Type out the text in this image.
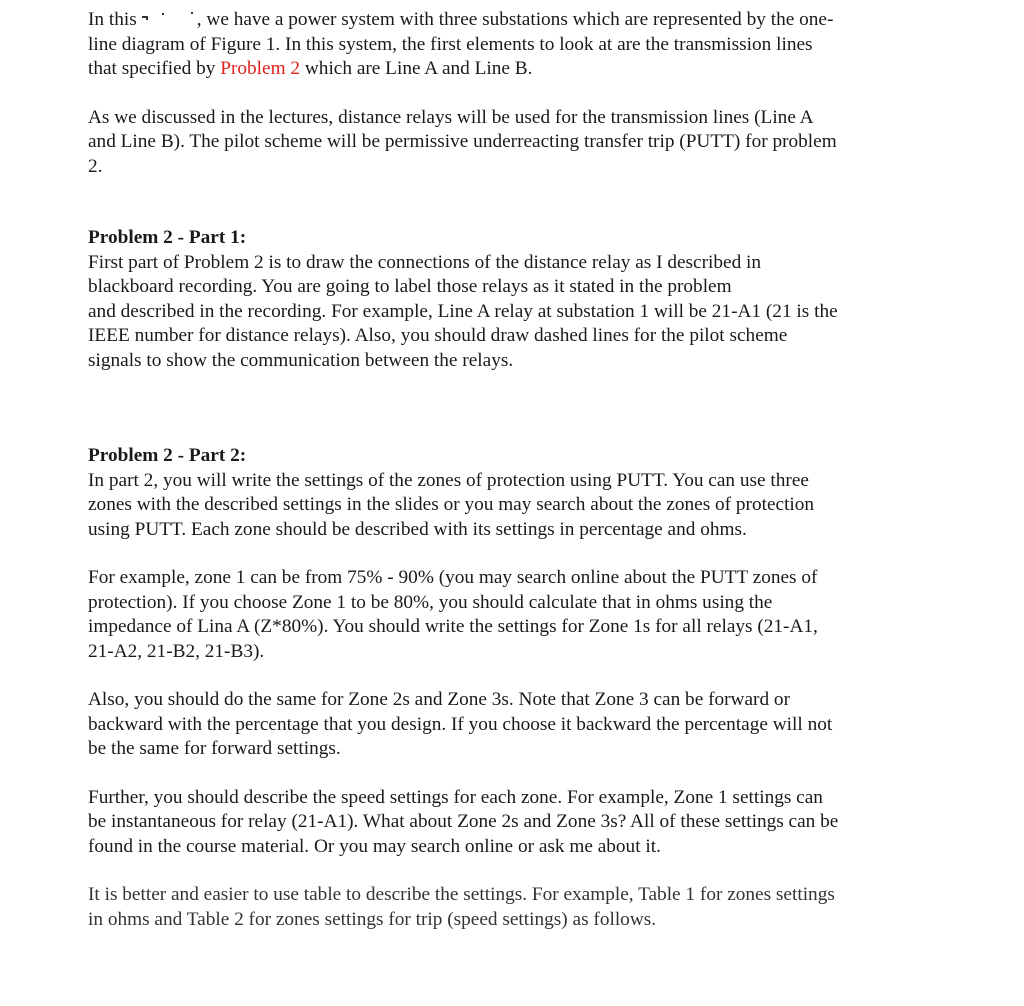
In this	, we have a power system with three substations which are represented by the one-
line diagram of Figure 1. In this system, the first elements to look at are the transmission lines
that specified by Problem 2 which are Line A and Line B.

As we discussed in the lectures, distance relays will be used for the transmission lines (Line A
and Line B). The pilot scheme will be permissive underreacting transfer trip (PUTT) for problem
2.

Problem 2 - Part 1:
First part of Problem 2 is to draw the connections of the distance relay as I described in
blackboard recording. You are going to label those relays as it stated in the problem
and described in the recording. For example, Line A relay at substation 1 will be 21-A1 (21 is the
IEEE number for distance relays). Also, you should draw dashed lines for the pilot scheme
signals to show the communication between the relays.

Problem 2 - Part 2:
In part 2, you will write the settings of the zones of protection using PUTT. You can use three
zones with the described settings in the slides or you may search about the zones of protection
using PUTT. Each zone should be described with its settings in percentage and ohms.

For example, zone 1 can be from 75% - 90% (you may search online about the PUTT zones of
protection). If you choose Zone 1 to be 80%, you should calculate that in ohms using the
impedance of Lina A (Z*80%). You should write the settings for Zone 1s for all relays (21-A1,
21-A2, 21-B2, 21-B3).

Also, you should do the same for Zone 2s and Zone 3s. Note that Zone 3 can be forward or
backward with the percentage that you design. If you choose it backward the percentage will not
be the same for forward settings.

Further, you should describe the speed settings for each zone. For example, Zone 1 settings can
be instantaneous for relay (21-A1). What about Zone 2s and Zone 3s? All of these settings can be
found in the course material. Or you may search online or ask me about it.

It is better and easier to use table to describe the settings. For example, Table 1 for zones settings
in ohms and Table 2 for zones settings for trip (speed settings) as follows.
